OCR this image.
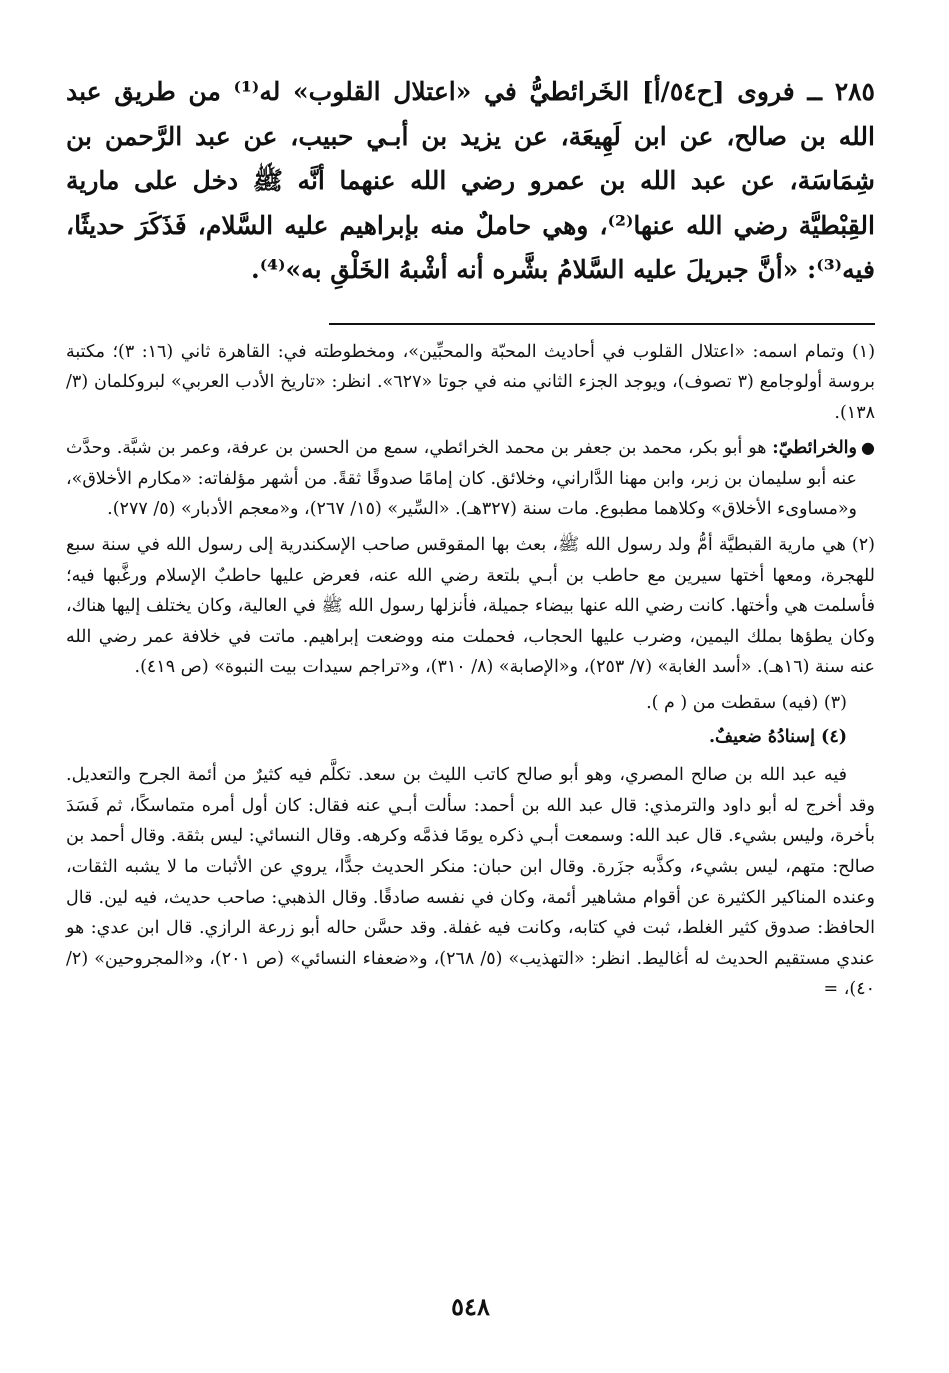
٢٨٥ ــ فروى [ح٥٤/أ] الخَرائطيُّ في «اعتلال القلوب» له⁽¹⁾ من طريق عبد الله بن صالح، عن ابن لَهِيعَة، عن يزيد بن أبـي حبيب، عن عبد الرَّحمن بن شِمَاسَة، عن عبد الله بن عمرو رضي الله عنهما أنَّه ﷺ دخل على مارية القِبْطيَّة رضي الله عنها⁽²⁾، وهي حاملٌ منه بإبراهيم عليه السَّلام، فَذَكَرَ حديثًا، فيه⁽³⁾: «أنَّ جبريلَ عليه السَّلامُ بشَّره أنه أشْبهُ الخَلْقِ به»⁽⁴⁾.

(١) وتمام اسمه: «اعتلال القلوب في أحاديث المحبّة والمحبِّين»، ومخطوطته في: القاهرة ثاني (١٦: ٣)؛ مكتبة بروسة أولوجامع (٣ تصوف)، ويوجد الجزء الثاني منه في جوتا «٦٢٧». انظر: «تاريخ الأدب العربي» لبروكلمان (٣/ ١٣٨).

●
والخرائطيّ: هو أبو بكر، محمد بن جعفر بن محمد الخرائطي، سمع من الحسن بن عرفة، وعمر بن شبَّة. وحدَّث عنه أبو سليمان بن زبر، وابن مهنا الدَّاراني، وخلائق. كان إمامًا صدوقًا ثقةً. من أشهر مؤلفاته: «مكارم الأخلاق»، و«مساوىء الأخلاق» وكلاهما مطبوع. مات سنة (٣٢٧هـ). «السِّير» (١٥/ ٢٦٧)، و«معجم الأدبار» (٥/ ٢٧٧).

(٢) هي مارية القبطيَّة أمُّ ولد رسول الله ﷺ، بعث بها المقوقس صاحب الإسكندرية إلى رسول الله في سنة سبع للهجرة، ومعها أختها سيرين مع حاطب بن أبـي بلتعة رضي الله عنه، فعرض عليها حاطبٌ الإسلام ورغَّبها فيه؛ فأسلمت هي وأختها. كانت رضي الله عنها بيضاء جميلة، فأنزلها رسول الله ﷺ في العالية، وكان يختلف إليها هناك، وكان يطؤها بملك اليمين، وضرب عليها الحجاب، فحملت منه ووضعت إبراهيم. ماتت في خلافة عمر رضي الله عنه سنة (١٦هـ). «أسد الغابة» (٧/ ٢٥٣)، و«الإصابة» (٨/ ٣١٠)، و«تراجم سيدات بيت النبوة» (ص ٤١٩).

(٣) (فيه) سقطت من ( م ).

(٤) إسنادُهُ ضعيفٌ.

فيه عبد الله بن صالح المصري، وهو أبو صالح كاتب الليث بن سعد. تكلَّم فيه كثيرٌ من أئمة الجرح والتعديل. وقد أخرج له أبو داود والترمذي: قال عبد الله بن أحمد: سألت أبـي عنه فقال: كان أول أمره متماسكًا، ثم فَسَدَ بأخرة، وليس بشيء. قال عبد الله: وسمعت أبـي ذكره يومًا فذمَّه وكرهه. وقال النسائي: ليس بثقة. وقال أحمد بن صالح: متهم، ليس بشيء، وكذَّبه جزَرة. وقال ابن حبان: منكر الحديث جدًّا، يروي عن الأثبات ما لا يشبه الثقات، وعنده المناكير الكثيرة عن أقوام مشاهير أئمة، وكان في نفسه صادقًا. وقال الذهبي: صاحب حديث، فيه لين. قال الحافظ: صدوق كثير الغلط، ثبت في كتابه، وكانت فيه غفلة. وقد حسَّن حاله أبو زرعة الرازي. قال ابن عدي: هو عندي مستقيم الحديث له أغاليط. انظر: «التهذيب» (٥/ ٢٦٨)، و«ضعفاء النسائي» (ص ٢٠١)، و«المجروحين» (٢/ ٤٠)، =

٥٤٨
